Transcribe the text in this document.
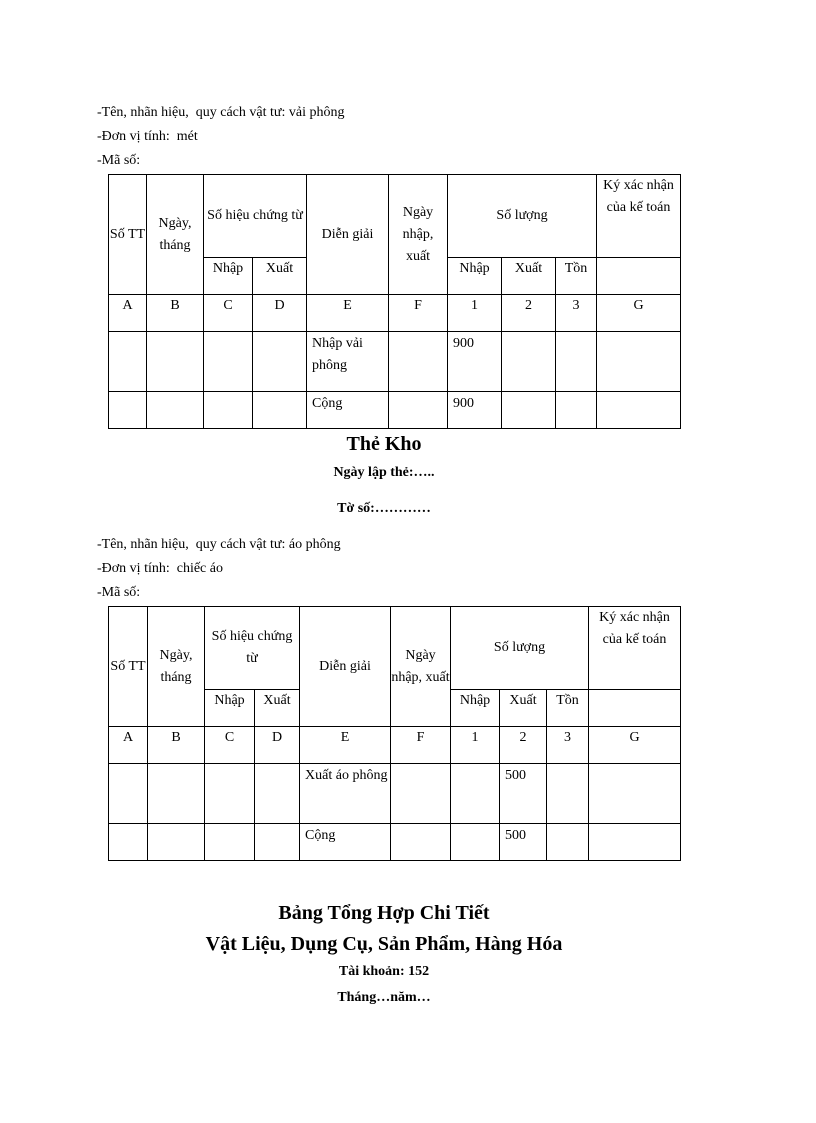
-Tên, nhãn hiệu,  quy cách vật tư: vải phông
-Đơn vị tính:  mét
-Mã số:
Số TT	Ngày, tháng	Số hiệu chứng từ		Diễn giải	Ngày nhập, xuất	Số lượng			Ký xác nhận của kế toán
		Nhập	Xuất			Nhập	Xuất	Tồn	
A	B	C	D	E	F	1	2	3	G
				Nhập vải phông		900			
				Cộng		900			
Thẻ Kho
Ngày lập thẻ:…..
Tờ số:…………
-Tên, nhãn hiệu,  quy cách vật tư: áo phông
-Đơn vị tính:  chiếc áo
-Mã số:
Số TT	Ngày, tháng	Số hiệu chứng từ		Diễn giải	Ngày nhập, xuất	Số lượng			Ký xác nhận của kế toán
		Nhập	Xuất			Nhập	Xuất	Tồn	
A	B	C	D	E	F	1	2	3	G
				Xuất áo phông			500		
				Cộng			500		
Bảng Tổng Hợp Chi Tiết
Vật Liệu, Dụng Cụ, Sản Phẩm, Hàng Hóa
Tài khoản: 152
Tháng…năm…
